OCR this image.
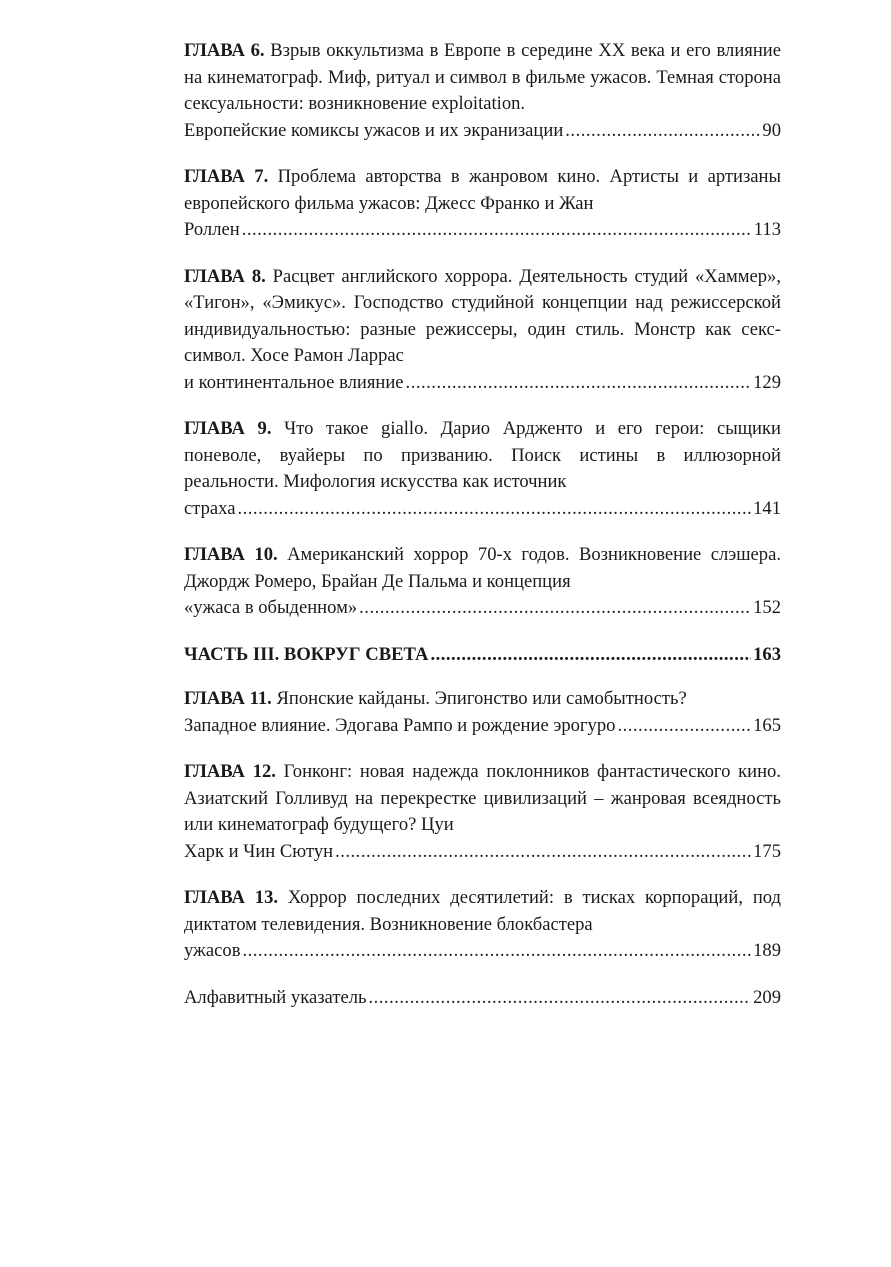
ГЛАВА 6. Взрыв оккультизма в Европе в середине XX века и его влияние на кинематограф. Миф, ритуал и символ в фильме ужасов. Темная сторона сексуальности: возникновение exploitation.
Европейские комиксы ужасов и их экранизации .....	90
ГЛАВА 7. Проблема авторства в жанровом кино. Артисты и артизаны европейского фильма ужасов: Джесс Франко и Жан
Роллен .....	113
ГЛАВА 8. Расцвет английского хоррора. Деятельность студий «Хаммер», «Тигон», «Эмикус». Господство студийной концепции над режиссерской индивидуальностью: разные режиссеры, один стиль. Монстр как секс-символ. Хосе Рамон Ларрас
и континентальное влияние .....	129
ГЛАВА 9. Что такое giallo. Дарио Ардженто и его герои: сыщики поневоле, вуайеры по призванию. Поиск истины в иллюзорной реальности. Мифология искусства как источник
страха .....	141
ГЛАВА 10. Американский хоррор 70-х годов. Возникновение слэшера. Джордж Ромеро, Брайан Де Пальма и концепция
«ужаса в обыденном» .....	152
ЧАСТЬ III. ВОКРУГ СВЕТА .....	163
ГЛАВА 11. Японские кайданы. Эпигонство или самобытность?
Западное влияние. Эдогава Рампо и рождение эрогуро .....	165
ГЛАВА 12. Гонконг: новая надежда поклонников фантастического кино. Азиатский Голливуд на перекрестке цивилизаций – жанровая всеядность или кинематограф будущего? Цуи
Харк и Чин Сютун .....	175
ГЛАВА 13. Хоррор последних десятилетий: в тисках корпораций, под диктатом телевидения. Возникновение блокбастера
ужасов .....	189
Алфавитный указатель .....	209
